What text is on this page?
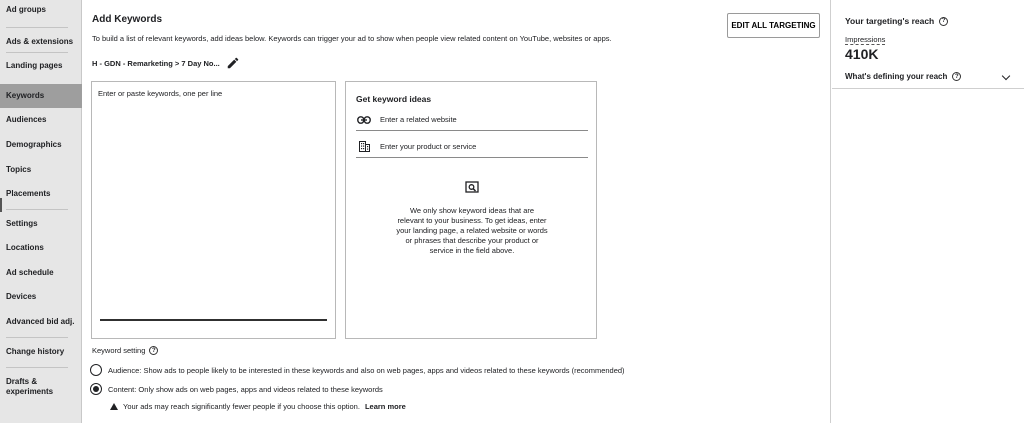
Ad groups
Ads & extensions
Landing pages
Keywords
Audiences
Demographics
Topics
Placements
Settings
Locations
Ad schedule
Devices
Advanced bid adj.
Change history
Drafts & experiments
Add Keywords
To build a list of relevant keywords, add ideas below. Keywords can trigger your ad to show when people view related content on YouTube, websites or apps.
H - GDN - Remarketing > 7 Day No...
EDIT ALL TARGETING
Enter or paste keywords, one per line
Get keyword ideas
Enter a related website
Enter your product or service
We only show keyword ideas that are relevant to your business. To get ideas, enter your landing page, a related website or words or phrases that describe your product or service in the field above.
Keyword setting	?
Audience: Show ads to people likely to be interested in these keywords and also on web pages, apps and videos related to these keywords (recommended)
Content: Only show ads on web pages, apps and videos related to these keywords
Your ads may reach significantly fewer people if you choose this option. Learn more
Your targeting's reach	?
Impressions
410K
What's defining your reach	?
